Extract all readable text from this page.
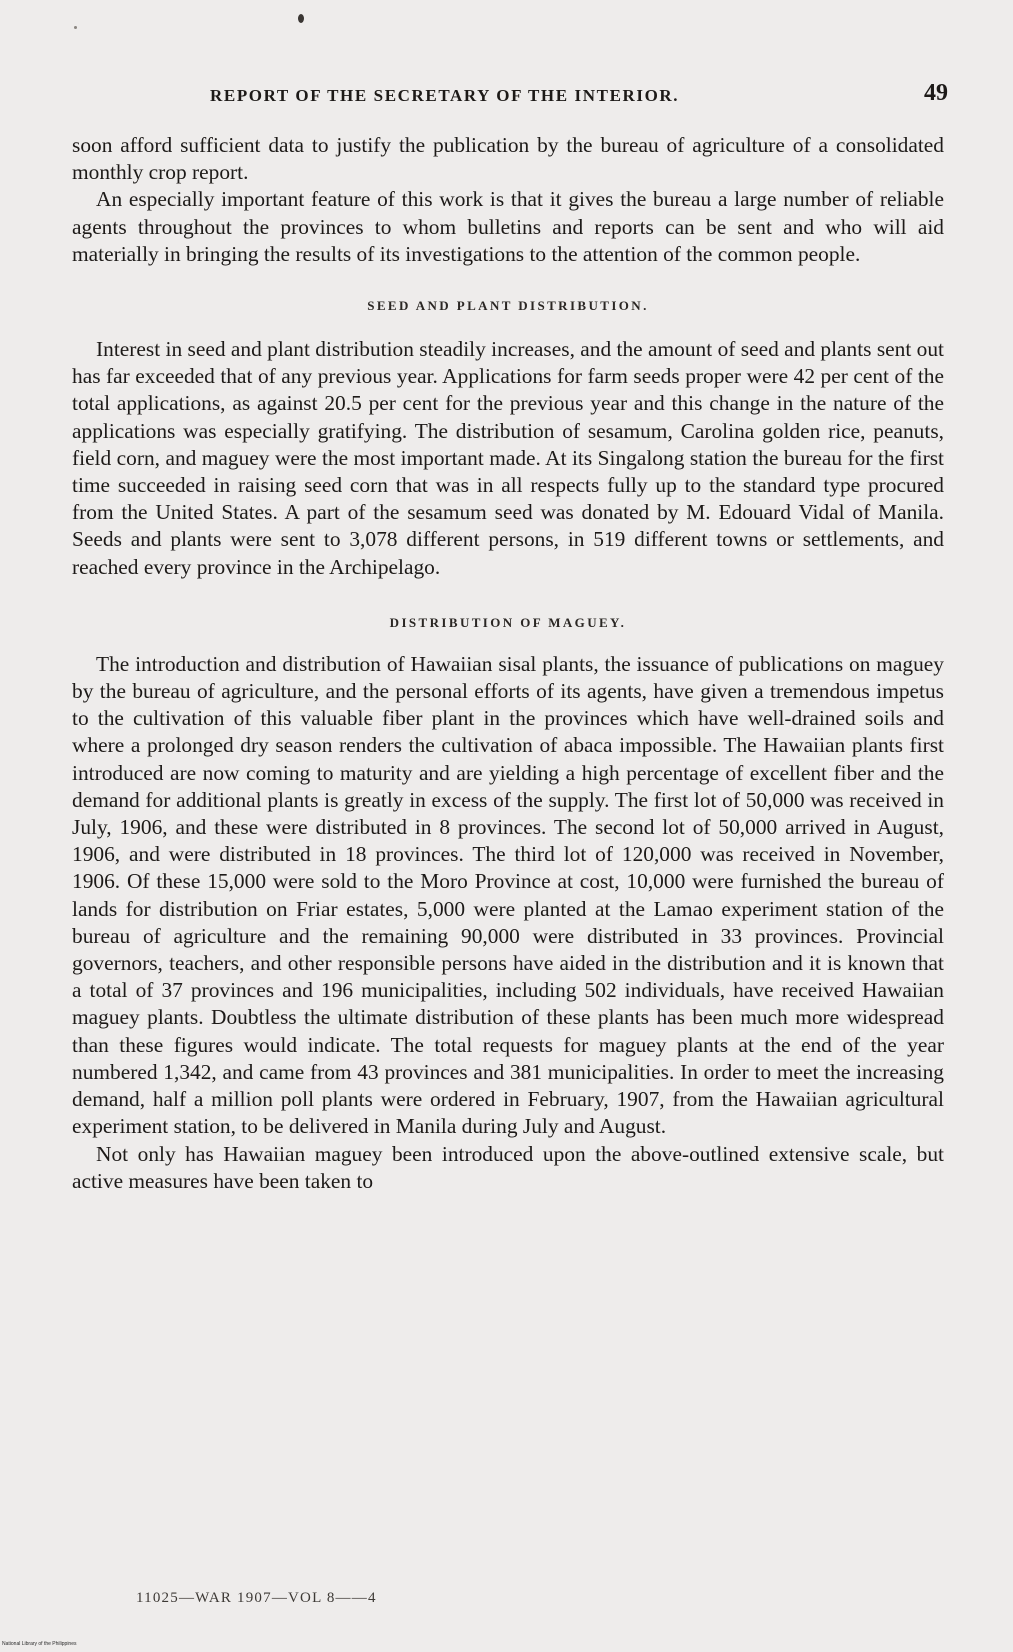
REPORT OF THE SECRETARY OF THE INTERIOR.	49

soon afford sufficient data to justify the publication by the bureau of agriculture of a consolidated monthly crop report.

An especially important feature of this work is that it gives the bureau a large number of reliable agents throughout the provinces to whom bulletins and reports can be sent and who will aid materially in bringing the results of its investigations to the attention of the common people.

SEED AND PLANT DISTRIBUTION.

Interest in seed and plant distribution steadily increases, and the amount of seed and plants sent out has far exceeded that of any previous year. Applications for farm seeds proper were 42 per cent of the total applications, as against 20.5 per cent for the previous year and this change in the nature of the applications was especially gratifying. The distribution of sesamum, Carolina golden rice, peanuts, field corn, and maguey were the most important made. At its Singalong station the bureau for the first time succeeded in raising seed corn that was in all respects fully up to the standard type procured from the United States. A part of the sesamum seed was donated by M. Edouard Vidal of Manila. Seeds and plants were sent to 3,078 different persons, in 519 different towns or settlements, and reached every province in the Archipelago.

DISTRIBUTION OF MAGUEY.

The introduction and distribution of Hawaiian sisal plants, the issuance of publications on maguey by the bureau of agriculture, and the personal efforts of its agents, have given a tremendous impetus to the cultivation of this valuable fiber plant in the provinces which have well-drained soils and where a prolonged dry season renders the cultivation of abaca impossible. The Hawaiian plants first introduced are now coming to maturity and are yielding a high percentage of excellent fiber and the demand for additional plants is greatly in excess of the supply. The first lot of 50,000 was received in July, 1906, and these were distributed in 8 provinces. The second lot of 50,000 arrived in August, 1906, and were distributed in 18 provinces. The third lot of 120,000 was received in November, 1906. Of these 15,000 were sold to the Moro Province at cost, 10,000 were furnished the bureau of lands for distribution on Friar estates, 5,000 were planted at the Lamao experiment station of the bureau of agriculture and the remaining 90,000 were distributed in 33 provinces. Provincial governors, teachers, and other responsible persons have aided in the distribution and it is known that a total of 37 provinces and 196 municipalities, including 502 individuals, have received Hawaiian maguey plants. Doubtless the ultimate distribution of these plants has been much more widespread than these figures would indicate. The total requests for maguey plants at the end of the year numbered 1,342, and came from 43 provinces and 381 municipalities. In order to meet the increasing demand, half a million poll plants were ordered in February, 1907, from the Hawaiian agricultural experiment station, to be delivered in Manila during July and August.

Not only has Hawaiian maguey been introduced upon the above-outlined extensive scale, but active measures have been taken to

11025—WAR 1907—VOL 8——4
National Library of the Philippines
